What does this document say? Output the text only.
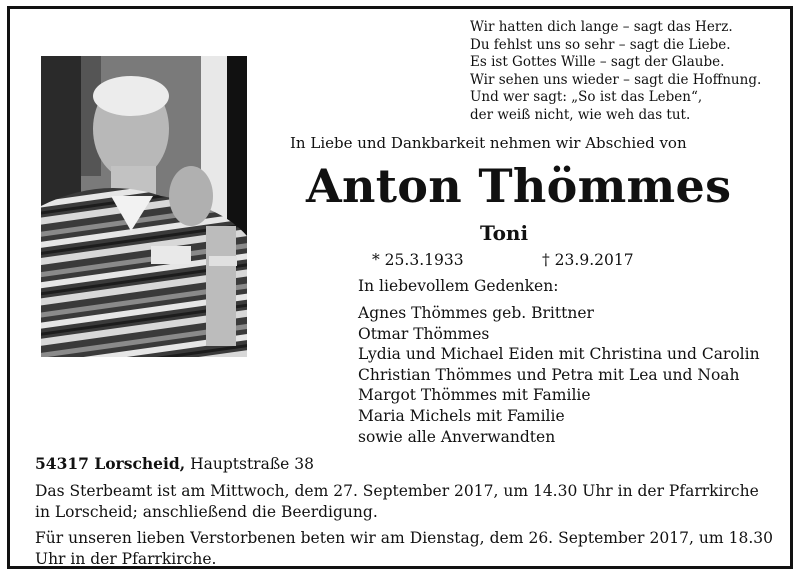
Wir hatten dich lange – sagt das Herz.
Du fehlst uns so sehr – sagt die Liebe.
Es ist Gottes Wille – sagt der Glaube.
Wir sehen uns wieder – sagt die Hoffnung.
Und wer sagt: „So ist das Leben“,
der weiß nicht, wie weh das tut.
In Liebe und Dankbarkeit nehmen wir Abschied von
Anton Thömmes
Toni
* 25.3.1933	† 23.9.2017
In liebevollem Gedenken:
Agnes Thömmes geb. Brittner
Otmar Thömmes
Lydia und Michael Eiden mit Christina und Carolin
Christian Thömmes und Petra mit Lea und Noah
Margot Thömmes mit Familie
Maria Michels mit Familie
sowie alle Anverwandten
54317 Lorscheid, Hauptstraße 38

Das Sterbeamt ist am Mittwoch, dem 27. September 2017, um 14.30 Uhr in der Pfarrkirche in Lorscheid; anschließend die Beerdigung.

Für unseren lieben Verstorbenen beten wir am Dienstag, dem 26. September 2017, um 18.30 Uhr in der Pfarrkirche.
